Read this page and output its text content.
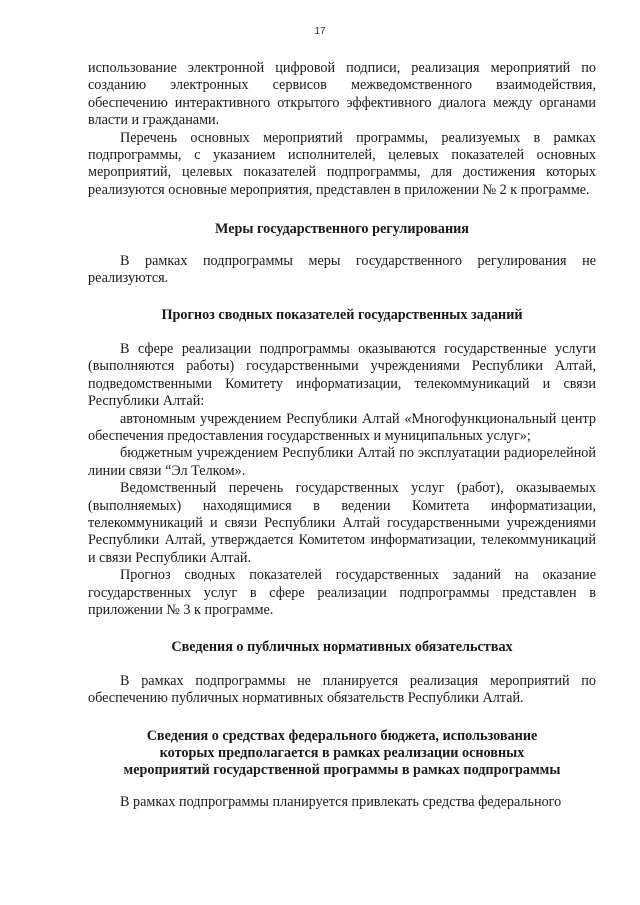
17

использование электронной цифровой подписи, реализация мероприятий по созданию электронных сервисов межведомственного взаимодействия, обеспечению интерактивного открытого эффективного диалога между органами власти и гражданами.

Перечень основных мероприятий программы, реализуемых в рамках подпрограммы, с указанием исполнителей, целевых показателей основных мероприятий, целевых показателей подпрограммы, для достижения которых реализуются основные мероприятия, представлен в приложении № 2 к программе.

Меры государственного регулирования

В рамках подпрограммы меры государственного регулирования не реализуются.

Прогноз сводных показателей государственных заданий

В сфере реализации подпрограммы оказываются государственные услуги (выполняются работы) государственными учреждениями Республики Алтай, подведомственными Комитету информатизации, телекоммуникаций и связи Республики Алтай:

автономным учреждением Республики Алтай «Многофункциональный центр обеспечения предоставления государственных и муниципальных услуг»;

бюджетным учреждением Республики Алтай по эксплуатации радиорелейной линии связи “Эл Телком».

Ведомственный перечень государственных услуг (работ), оказываемых (выполняемых) находящимися в ведении Комитета информатизации, телекоммуникаций и связи Республики Алтай государственными учреждениями Республики Алтай, утверждается Комитетом информатизации, телекоммуникаций и связи Республики Алтай.

Прогноз сводных показателей государственных заданий на оказание государственных услуг в сфере реализации подпрограммы представлен в приложении № 3 к программе.

Сведения о публичных нормативных обязательствах

В рамках подпрограммы не планируется реализация мероприятий по обеспечению публичных нормативных обязательств Республики Алтай.

Сведения о средствах федерального бюджета, использование
которых предполагается в рамках реализации основных
мероприятий государственной программы в рамках подпрограммы

В рамках подпрограммы планируется привлекать средства федерального
